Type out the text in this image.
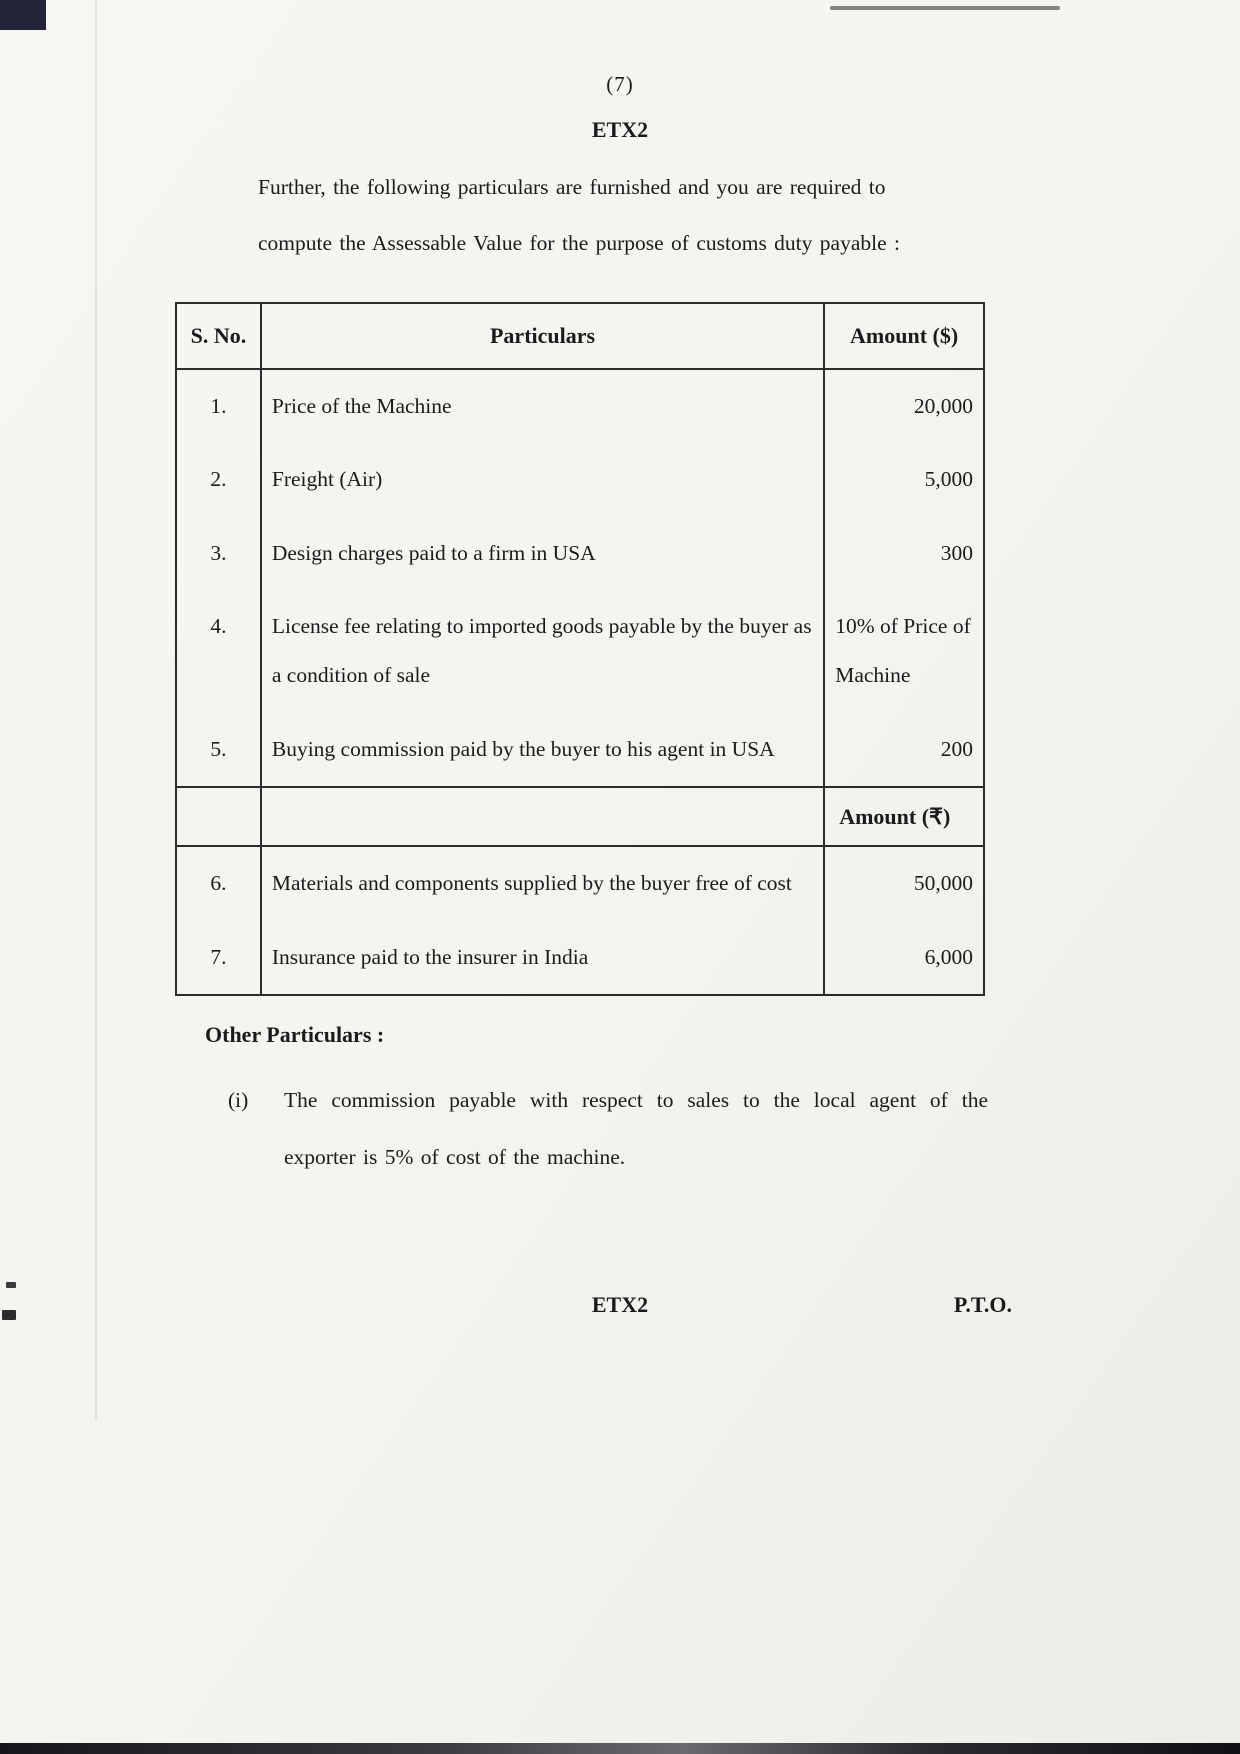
(7)
ETX2
Further, the following particulars are furnished and you are required to
compute the Assessable Value for the purpose of customs duty payable :
S. No.	Particulars	Amount ($)
1.	Price of the Machine	20,000
2.	Freight (Air)	5,000
3.	Design charges paid to a firm in USA	300
4.	License fee relating to imported goods payable by the buyer as a condition of sale	10% of Price of Machine
5.	Buying commission paid by the buyer to his agent in USA	200
		Amount (₹)
6.	Materials and components supplied by the buyer free of cost	50,000
7.	Insurance paid to the insurer in India	6,000
Other Particulars :
(i)	The commission payable with respect to sales to the local agent of the exporter is 5% of cost of the machine.
ETX2	P.T.O.
